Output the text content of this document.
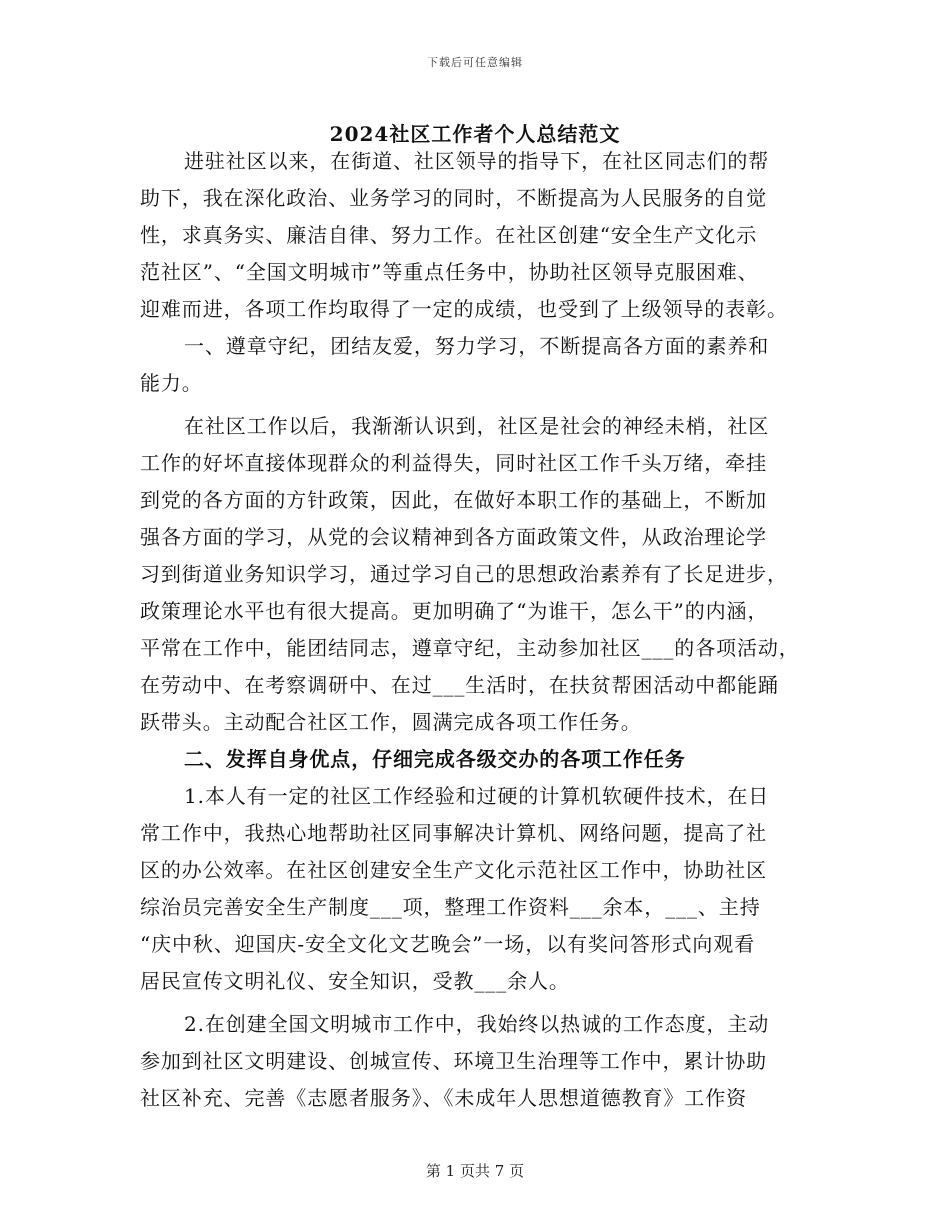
下载后可任意编辑
2024社区工作者个人总结范文
进驻社区以来，在街道、社区领导的指导下，在社区同志们的帮
助下，我在深化政治、业务学习的同时，不断提高为人民服务的自觉
性，求真务实、廉洁自律、努力工作。在社区创建“安全生产文化示
范社区”、“全国文明城市”等重点任务中，协助社区领导克服困难、
迎难而进，各项工作均取得了一定的成绩，也受到了上级领导的表彰。
一、遵章守纪，团结友爱，努力学习，不断提高各方面的素养和
能力。
在社区工作以后，我渐渐认识到，社区是社会的神经未梢，社区
工作的好坏直接体现群众的利益得失，同时社区工作千头万绪，牵挂
到党的各方面的方针政策，因此，在做好本职工作的基础上，不断加
强各方面的学习，从党的会议精神到各方面政策文件，从政治理论学
习到街道业务知识学习，通过学习自己的思想政治素养有了长足进步，
政策理论水平也有很大提高。更加明确了“为谁干，怎么干”的内涵，
平常在工作中，能团结同志，遵章守纪，主动参加社区___的各项活动，
在劳动中、在考察调研中、在过___生活时，在扶贫帮困活动中都能踊
跃带头。主动配合社区工作，圆满完成各项工作任务。
二、发挥自身优点，仔细完成各级交办的各项工作任务
1.本人有一定的社区工作经验和过硬的计算机软硬件技术，在日
常工作中，我热心地帮助社区同事解决计算机、网络问题，提高了社
区的办公效率。在社区创建安全生产文化示范社区工作中，协助社区
综治员完善安全生产制度___项，整理工作资料___余本，___、主持
“庆中秋、迎国庆-安全文化文艺晚会”一场，以有奖问答形式向观看
居民宣传文明礼仪、安全知识，受教___余人。
2.在创建全国文明城市工作中，我始终以热诚的工作态度，主动
参加到社区文明建设、创城宣传、环境卫生治理等工作中，累计协助
社区补充、完善《志愿者服务》、《未成年人思想道德教育》工作资
第 1 页共 7 页
